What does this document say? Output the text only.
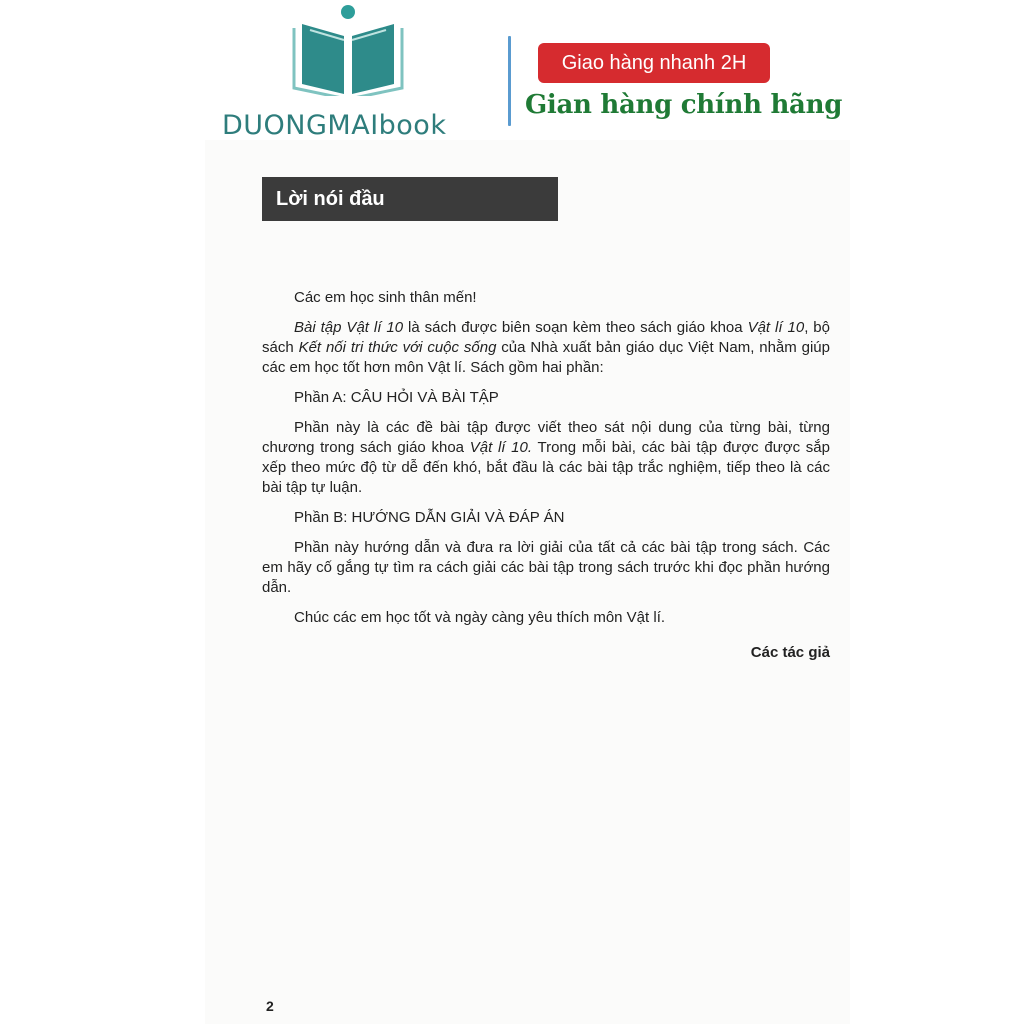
DUONGMAIbook
Giao hàng nhanh 2H
Gian hàng chính hãng
Lời nói đầu

Các em học sinh thân mến!

Bài tập Vật lí 10 là sách được biên soạn kèm theo sách giáo khoa Vật lí 10, bộ sách Kết nối tri thức với cuộc sống của Nhà xuất bản giáo dục Việt Nam, nhằm giúp các em học tốt hơn môn Vật lí. Sách gồm hai phần:

Phần A: CÂU HỎI VÀ BÀI TẬP

Phần này là các đề bài tập được viết theo sát nội dung của từng bài, từng chương trong sách giáo khoa Vật lí 10. Trong mỗi bài, các bài tập được được sắp xếp theo mức độ từ dễ đến khó, bắt đầu là các bài tập trắc nghiệm, tiếp theo là các bài tập tự luận.

Phần B: HƯỚNG DẪN GIẢI VÀ ĐÁP ÁN

Phần này hướng dẫn và đưa ra lời giải của tất cả các bài tập trong sách. Các em hãy cố gắng tự tìm ra cách giải các bài tập trong sách trước khi đọc phần hướng dẫn.

Chúc các em học tốt và ngày càng yêu thích môn Vật lí.

Các tác giả
2
